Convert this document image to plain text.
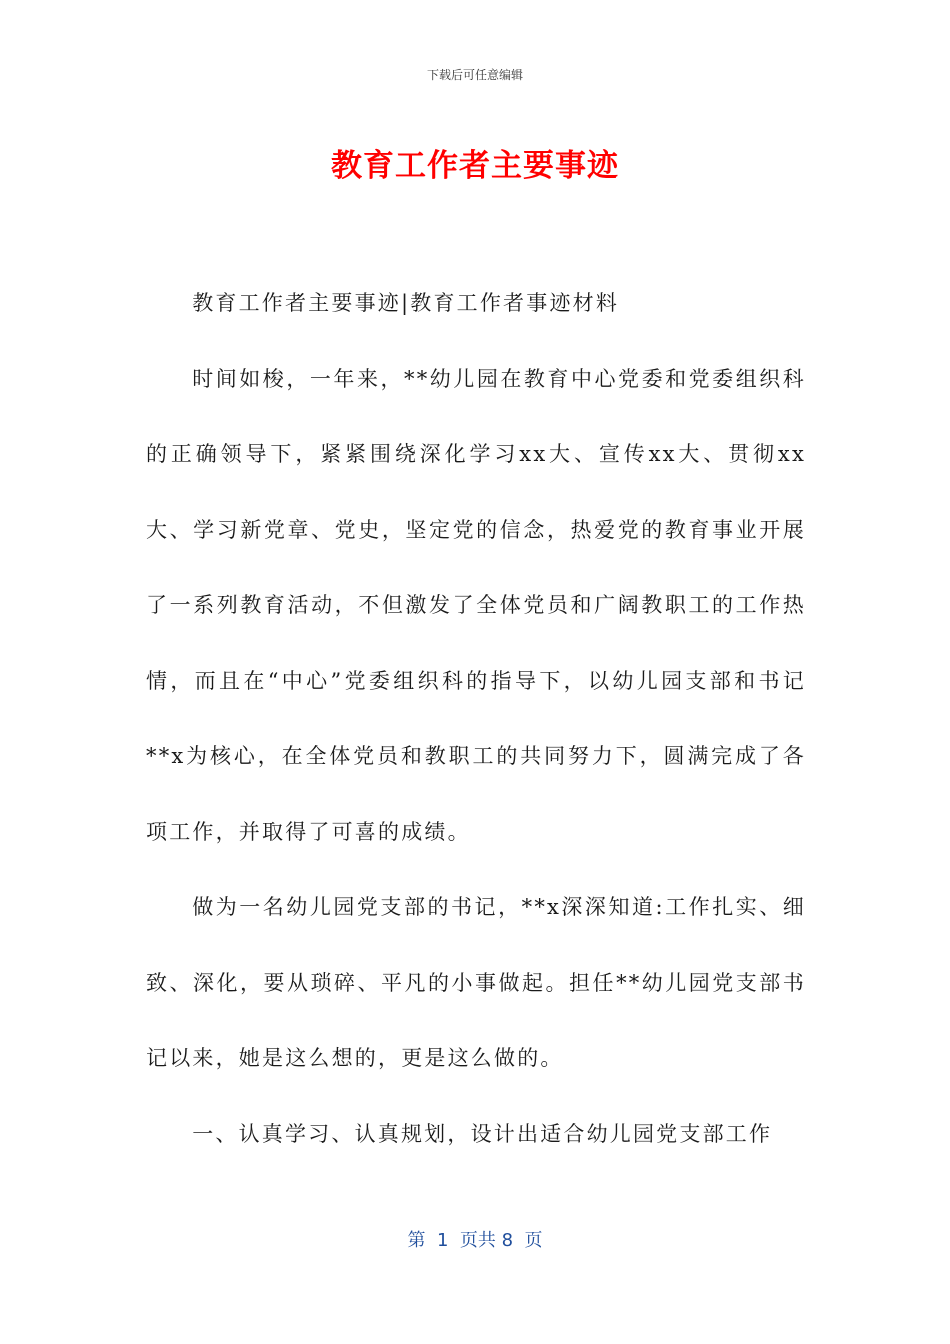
下载后可任意编辑
教育工作者主要事迹

教育工作者主要事迹|教育工作者事迹材料

时间如梭，一年来，**幼儿园在教育中心党委和党委组织科的正确领导下，紧紧围绕深化学习xx大、宣传xx大、贯彻xx大、学习新党章、党史，坚定党的信念，热爱党的教育事业开展了一系列教育活动，不但激发了全体党员和广阔教职工的工作热情，而且在“中心”党委组织科的指导下，以幼儿园支部和书记**x为核心，在全体党员和教职工的共同努力下，圆满完成了各项工作，并取得了可喜的成绩。

做为一名幼儿园党支部的书记，**x深深知道:工作扎实、细致、深化，要从琐碎、平凡的小事做起。担任**幼儿园党支部书记以来，她是这么想的，更是这么做的。

一、认真学习、认真规划，设计出适合幼儿园党支部工作

第  1  页共 8  页
